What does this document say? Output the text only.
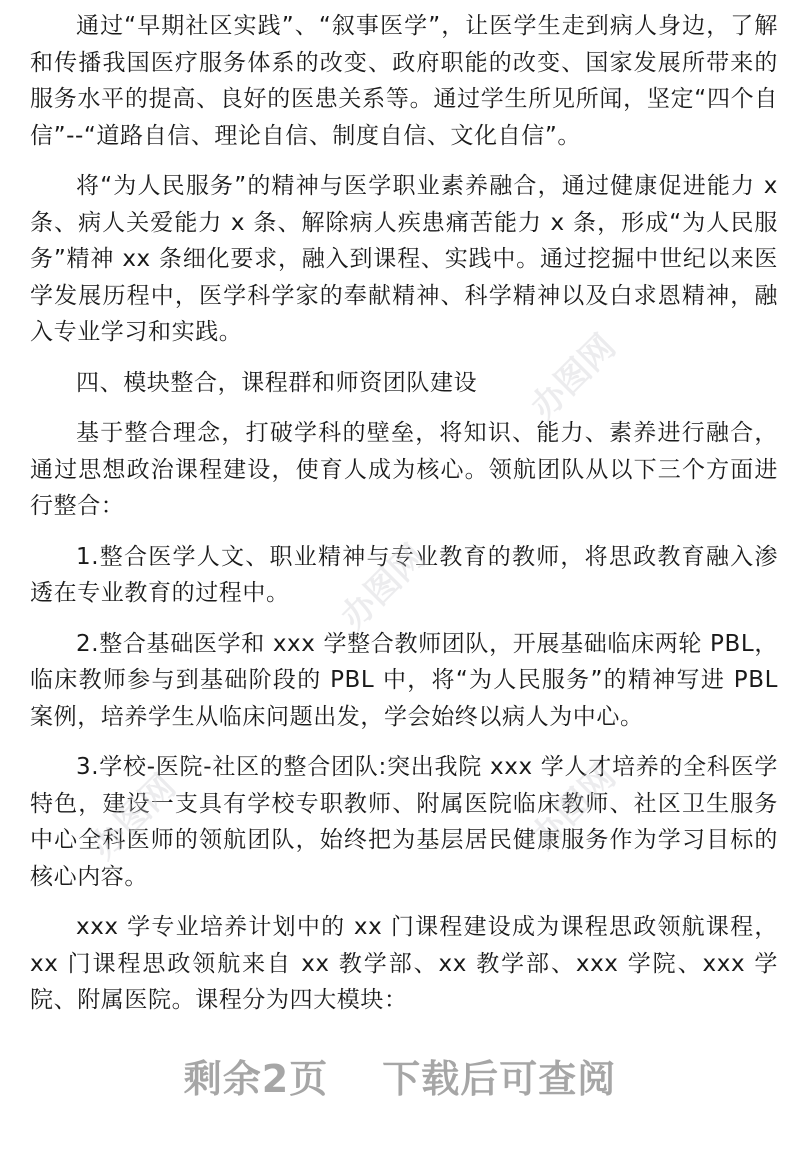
通过“早期社区实践”、“叙事医学”，让医学生走到病人身边，了解和传播我国医疗服务体系的改变、政府职能的改变、国家发展所带来的服务水平的提高、良好的医患关系等。通过学生所见所闻，坚定“四个自信”--“道路自信、理论自信、制度自信、文化自信”。

将“为人民服务”的精神与医学职业素养融合，通过健康促进能力 x 条、病人关爱能力 x 条、解除病人疾患痛苦能力 x 条，形成“为人民服务”精神 xx 条细化要求，融入到课程、实践中。通过挖掘中世纪以来医学发展历程中，医学科学家的奉献精神、科学精神以及白求恩精神，融入专业学习和实践。

四、模块整合，课程群和师资团队建设

基于整合理念，打破学科的壁垒，将知识、能力、素养进行融合，通过思想政治课程建设，使育人成为核心。领航团队从以下三个方面进行整合：

1.整合医学人文、职业精神与专业教育的教师，将思政教育融入渗透在专业教育的过程中。

2.整合基础医学和 xxx 学整合教师团队，开展基础临床两轮 PBL，临床教师参与到基础阶段的 PBL 中，将“为人民服务”的精神写进 PBL 案例，培养学生从临床问题出发，学会始终以病人为中心。

3.学校-医院-社区的整合团队:突出我院 xxx 学人才培养的全科医学特色，建设一支具有学校专职教师、附属医院临床教师、社区卫生服务中心全科医师的领航团队，始终把为基层居民健康服务作为学习目标的核心内容。

xxx 学专业培养计划中的 xx 门课程建设成为课程思政领航课程，xx 门课程思政领航来自 xx 教学部、xx 教学部、xxx 学院、xxx 学院、附属医院。课程分为四大模块：

办图网
办图网
办图网	办图网
剩余2页 下载后可查阅
